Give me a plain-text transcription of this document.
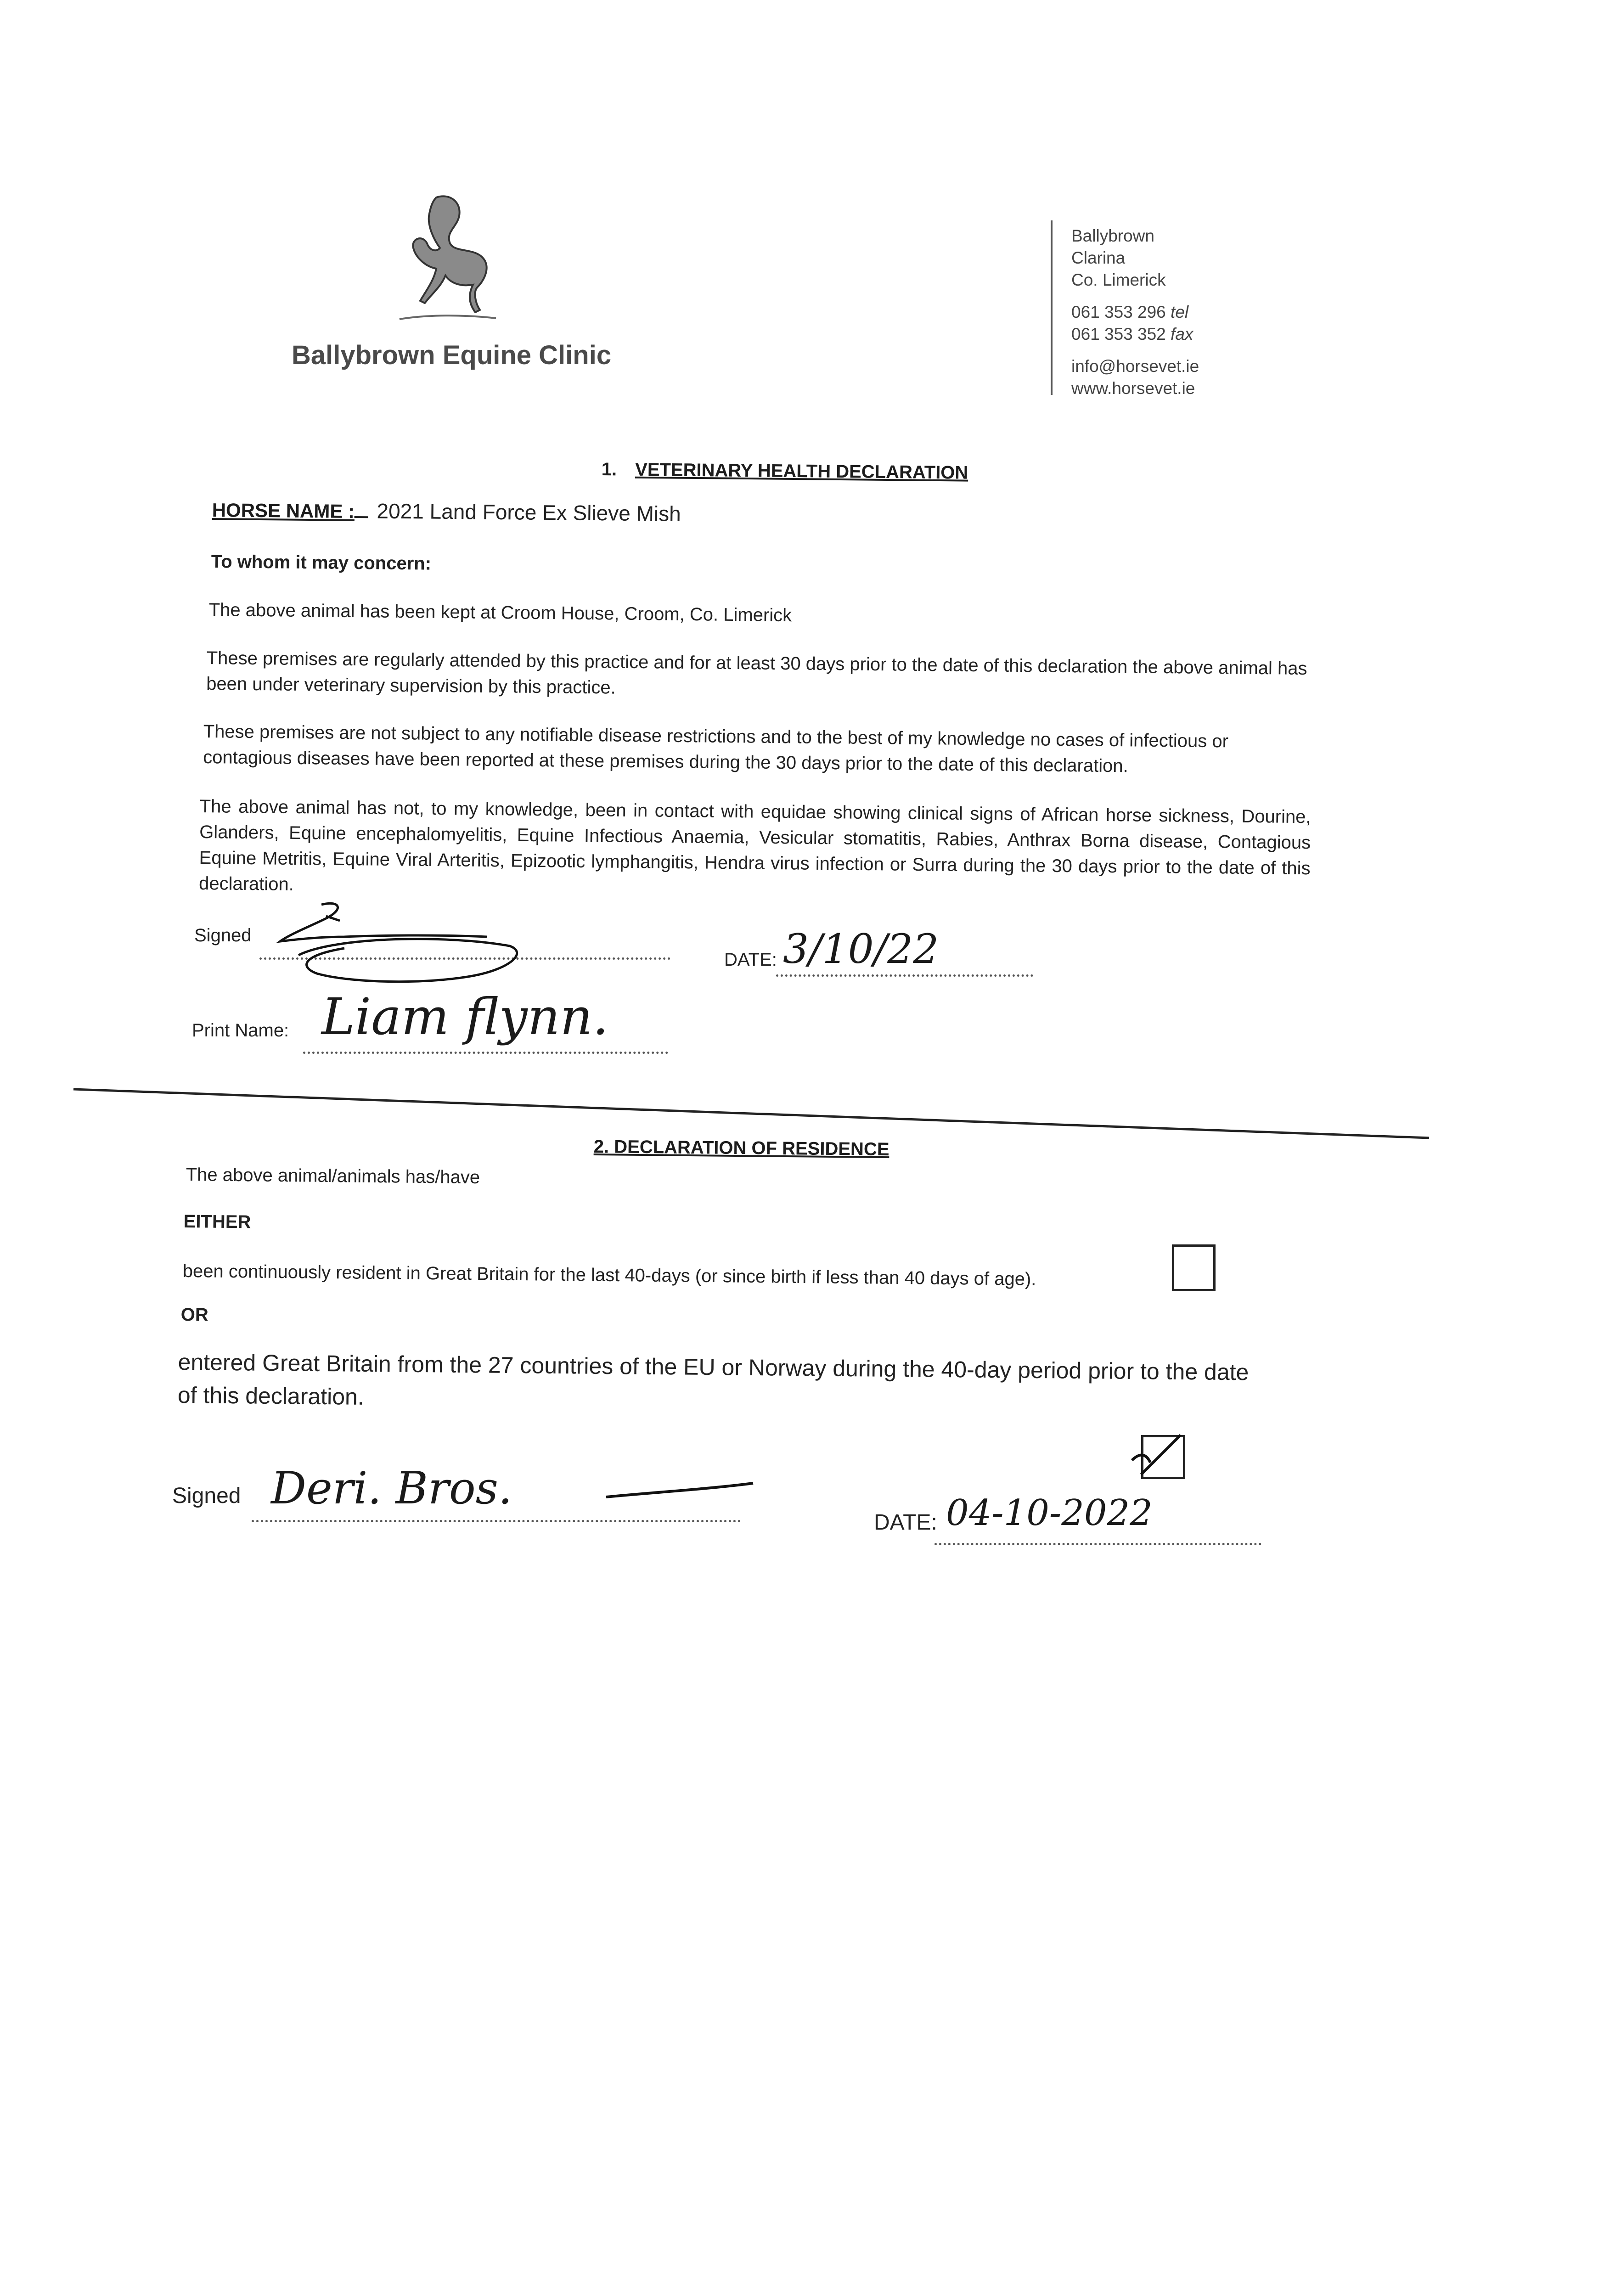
Ballybrown Equine Clinic
Ballybrown
Clarina
Co. Limerick
061 353 296 tel
061 353 352 fax
info@horsevet.ie
www.horsevet.ie
1. VETERINARY HEALTH DECLARATION
HORSE NAME : 2021 Land Force Ex Slieve Mish
To whom it may concern:
The above animal has been kept at Croom House, Croom, Co. Limerick
These premises are regularly attended by this practice and for at least 30 days prior to the date of this declaration the above animal has been under veterinary supervision by this practice.
These premises are not subject to any notifiable disease restrictions and to the best of my knowledge no cases of infectious or contagious diseases have been reported at these premises during the 30 days prior to the date of this declaration.
The above animal has not, to my knowledge, been in contact with equidae showing clinical signs of African horse sickness, Dourine, Glanders, Equine encephalomyelitis, Equine Infectious Anaemia, Vesicular stomatitis, Rabies, Anthrax Borna disease, Contagious Equine Metritis, Equine Viral Arteritis, Epizootic lymphangitis, Hendra virus infection or Surra during the 30 days prior to the date of this declaration.
Signed
DATE: 3/10/22
Print Name: Liam flynn.
2. DECLARATION OF RESIDENCE
The above animal/animals has/have
EITHER
been continuously resident in Great Britain for the last 40-days (or since birth if less than 40 days of age).
OR
entered Great Britain from the 27 countries of the EU or Norway during the 40-day period prior to the date of this declaration.
Signed Deri. Bros.
DATE: 04-10-2022
